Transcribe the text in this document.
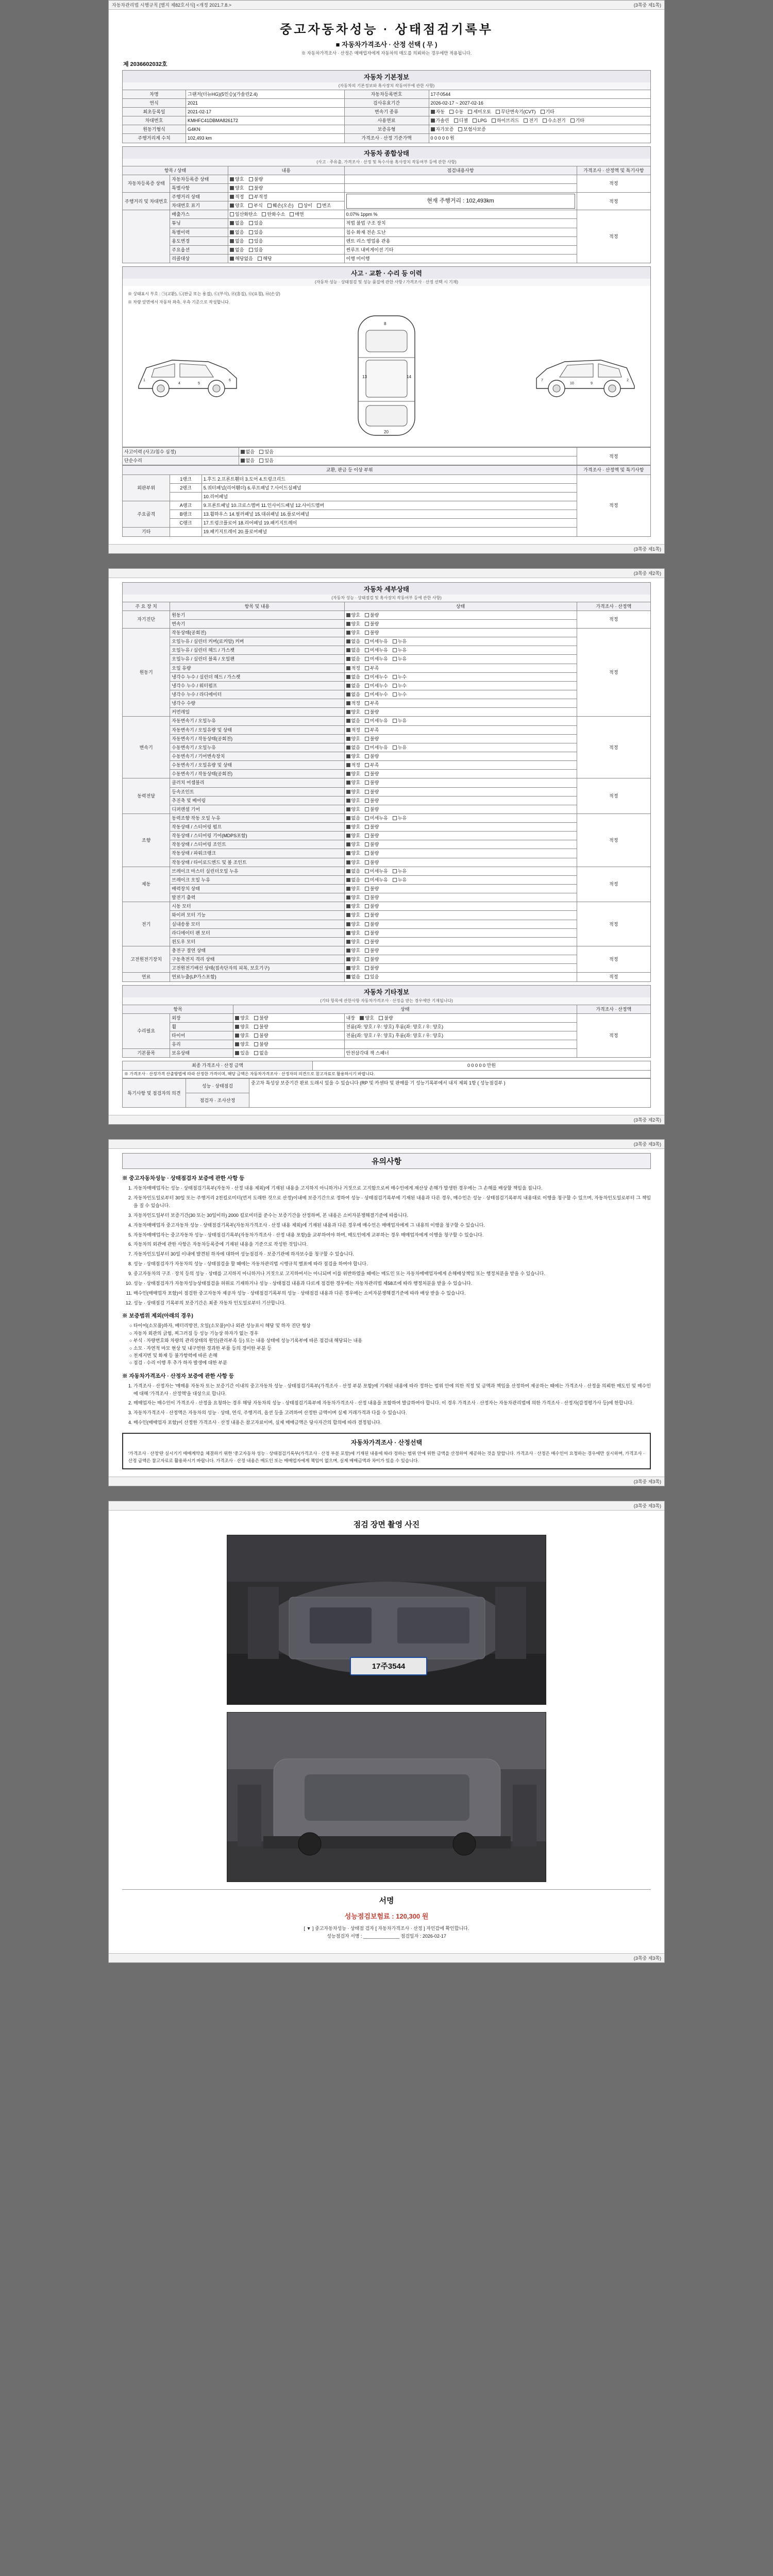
자동차관리법 시행규칙 [별지 제82호서식] <개정 2021.7.8.>	(3쪽중 제1쪽)
중고자동차성능 · 상태점검기록부
■ 자동차가격조사 · 산정 선택 ( 무 )
※ 자동차가격조사 · 산정은 매매업자에게 자동차의 매도를 의뢰하는 경우에만 적용됩니다.
제 2036602032호
자동차 기본정보
(자동차의 기본정보와 혹사장치 작동여부에 관한 사항)
차명	그랜저(더뉴HG)(5인승)(가솔린2.4)	자동차등록번호	17주0544
연식	2021	검사유효기간	2026-02-17 ~ 2027-02-16
최초등록일	2021-02-17	변속기 종류	자동 수동 세미오토 무단변속기(CVT) 기타

차대번호	KMHFC41DBMA826172	사용연료	가솔린	디젤	LPG	하이브리드	전기	수소전기	기타

원동기형식	G4KN	보증유형	자가보증 보험사보증

주행거리계 수치	102,493 km	가격조사 · 산정 기준가액	0 0 0 0 0 원
자동차 종합상태
(사고 · 주유출, 가격조사 · 산정 및 특수사용 혹사장치 작동여부 등에 관한 사항)
항목 / 상태		내용	점검내용사항	가격조사 · 산정액 및 특기사항
자동차등록증 상태	자동차등록증 상태	양호 불량		적정
	특별사항	양호 불량		
주행거리 및 차대번호	주행거리 상태	적정 부적정	현재 주행거리 : 102,493km	적정
	차대번호 표기	양호 부식 훼손(오손) 상이 변조		

	배출가스	일산화탄소 탄화수소 매연	0.07% 1ppm %	적정
	튜닝	없음 있음	적법 불법 구조 장치	
	특별이력	없음 있음	침수 화재 전손 도난	
	용도변경	없음 있음	렌트 리스 영업용 관용	
	주요옵션	없음 있음	썬루프 내비게이션 기타	
	리콜대상	해당없음 해당	이행 미이행	
사고 · 교환 · 수리 등 이력
(자동차 성능 · 상태점검 및 성능 품질에 관한 사항 / 가격조사 · 산정 선택 시 기재)
※ 상태표시 부호 : ㉠(교환), ㉡(판금 또는 용접), ㉢(부식), ㉣(흠집), ㉤(요철), ㉥(손상)
※ 차량 앞면에서 자동차 좌측, 우측 기준으로 작성합니다.
1
4	5
6
8
13	14
20
2
9
10
7
사고이력 (사고/침수 심정)	없음 있음	적정
단순수리	없음 있음	
교환, 판금 등 이상 부위			가격조사 · 산정액 및 특기사항
외판부위	1랭크	1.후드 2.프론트휀더 3.도어 4.트렁크리드	적정
	2랭크	5.쿼터패널(리어휀더) 6.루프패널 7.사이드실패널	
		10.리어패널	
주요골격	A랭크	9.프론트패널 10.크로스멤버 11.인사이드패널 12.사이드멤버	
	B랭크	13.휠하우스 14.필러패널 15.대쉬패널 16.플로어패널	
	C랭크	17.트렁크플로어 18.리어패널 19.패키지트레이	
기타		19.패키지트레이 20.플로어패널	
(3쪽중 제1쪽)
(3쪽중 제2쪽)
자동차 세부상태
(자동차 성능 · 상태점검 및 혹사장치 작동여부 등에 관한 사항)
주 요 장 치	항목 및 내용	상태	가격조사 · 산정액
자기진단	원동기	양호 불량	적정
	변속기	양호 불량	

원동기	작동상태(공회전)	양호 불량	적정
	오일누유 / 실린더 커버(로커암) 커버	없음 미세누유 누유	

	오일누유 / 실린더 헤드 / 가스켓	없음 미세누유 누유	

	오일누유 / 실린더 블록 / 오일팬	없음 미세누유 누유	

	오일 유량	적정 부족	

	냉각수 누수 / 실린더 헤드 / 가스켓	없음 미세누수 누수	

	냉각수 누수 / 워터펌프	없음 미세누수 누수	

	냉각수 누수 / 라디에이터	없음 미세누수 누수	

	냉각수 수량	적정 부족	

	커먼레일	양호 불량	

변속기	자동변속기 / 오일누유	없음 미세누유 누유	적정
	자동변속기 / 오일유량 및 상태	적정 부족	

	자동변속기 / 작동상태(공회전)	양호 불량	

	수동변속기 / 오일누유	없음 미세누유 누유	

	수동변속기 / 기어변속장치	양호 불량	

	수동변속기 / 오일유량 및 상태	적정 부족	

	수동변속기 / 작동상태(공회전)	양호 불량	

동력전달	클러치 어셈블리	양호 불량	적정
	등속조인트	양호 불량	

	추진축 및 베어링	양호 불량	

	디퍼렌셜 기어	양호 불량	

조향	동력조향 작동 오일 누유	없음 미세누유 누유	적정
	작동상태 / 스티어링 펌프	양호 불량	

	작동상태 / 스티어링 기어(MDPS포함)	양호 불량	

	작동상태 / 스티어링 조인트	양호 불량	

	작동상태 / 파워크랭크	양호 불량	

	작동상태 / 타이로드엔드 및 볼 조인트	양호 불량	

제동	브레이크 마스터 실린더오일 누유	없음 미세누유 누유	적정
	브레이크 오일 누유	없음 미세누유 누유	

	배력장치 상태	양호 불량	

	발전기 출력	양호 불량	

전기	시동 모터	양호 불량	적정
	와이퍼 모터 기능	양호 불량	

	실내송풍 모터	양호 불량	

	라디에이터 팬 모터	양호 불량	

	윈도우 모터	양호 불량	

고전원전기장치	충전구 절연 상태	양호 불량	적정
	구동축전지 격리 상태	양호 불량	

	고전원전기배선 상태(접속단자의 피복, 보호기구)	양호 불량	

연료	연료누출(LP가스포함)	없음 있음	적정
자동차 기타정보
(기타 항목에 관한사항 자동차가격조사 · 산정을 받는 경우에만 기재됩니다)
항목		상태		가격조사 · 산정액
수리필요	외장	양호 불량	내장 양호 불량	적정
	휠	양호 불량	전륜(좌: 양호 / 우: 양호) 후륜(좌: 양호 / 우: 양호)	
	타이어	양호 불량	전륜(좌: 양호 / 우: 양호) 후륜(좌: 양호 / 우: 양호)	
	유리	양호 불량		
기본품목	보유상태	있음 없음	안전삼각대 잭 스패너	
최종 가격조사 · 산정 금액	0 0 0 0 0 만원
※ 가격조사 · 산정가격 산출방법에 따라 산정한 가격이며, 해당 금액은 자동차가격조사 · 산정자의 의견으로 참고자료로 활용하시기 바랍니다.
특기사항 및 점검자의 의견	성능 · 상태점검	중고차 특성상 보증기간 완료 도래시 있을 수 있습니다 (RP 및 카센타 및 판매를 기 성능기록부에서 내지 제외 1항 ( 성능점검부 )
점검자 · 조사산정
(3쪽중 제2쪽)
(3쪽중 제3쪽)
유의사항
※ 중고자동차성능 · 상태점검자 보증에 관한 사항 등
1. 자동차매매업자는 성능 · 상태점검기록부(자동차 · 산정 내용 제외)에 기재된 내용을 고지하지 아니하거나 거짓으로 고지함으로써 매수인에게 재산상 손해가 발생한 경우에는 그 손해를 배상할 책임을 집니다.
2. 자동차인도일로부터 30일 또는 주행거리 2천킬로미터(먼저 도래한 것으로 산정)이내에 보증기간으로 정하여 성능 · 상태점검기록부에 기재된 내용과 다른 경우, 매수인은 성능 · 상태점검기록부의 내용대로 이행을 청구할 수 있으며, 자동차인도일로부터 그 책임을 질 수 있습니다.
3. 자동차인도일부터 보증기간(30 또는 30일이하) 2000 킬로미터를 준수는 보증기간을 산정하며, 본 내용은 소비자분쟁해결기준에 따릅니다.
4. 자동차매매업자 중고자동차 성능 · 상태점검기록부(자동차가격조사 · 산정 내용 제외)에 기재된 내용과 다른 경우에 매수인은 매매업자에게 그 내용의 이행을 청구할 수 있습니다.
5. 자동차매매업자는 중고자동차 성능 · 상태점검기록부(자동차가격조사 · 산정 내용 포함)을 교부하여야 하며, 매도인에게 교부하는 경우 매매업자에게 이행을 청구할 수 있습니다.
6. 자동차의 외관에 관한 사항은 자동차등록증에 기재된 내용을 기준으로 작성한 것입니다.
7. 자동차인도일부터 30일 이내에 발견된 하자에 대하여 성능점검자 · 보증기관에 하자보수를 청구할 수 있습니다.
8. 성능 · 상태점검자가 자동차의 성능 · 상태점검을 할 때에는 자동차관리법 시행규칙 별표에 따라 점검을 하여야 합니다.
9. 중고자동차의 구조 · 장치 등의 성능 · 상태를 고지하지 아니하거나 거짓으로 고지하여서는 아니되며 이를 위반하였을 때에는 매도인 또는 자동차매매업자에게 손해배상책임 또는 행정처분을 받을 수 있습니다.
10. 성능 · 상태점검자가 자동차성능상태점검을 허위로 기재하거나 성능 · 상태점검 내용과 다르게 점검한 경우에는 자동차관리법 제58조에 따라 행정처분을 받을 수 있습니다.
11. 매수인(매매업자 포함)이 점검한 중고자동차 제공자 성능 · 상태점검기록부의 성능 · 상태점검 내용과 다른 경우에는 소비자분쟁해결기준에 따라 배상 받을 수 있습니다.
12. 성능 · 상태점검 기록부의 보증기간은 최종 자동차 인도일로부터 기산합니다.
※ 보증범위 제외(아래의 경우)
○ 타이어(소모품)하자, 배터리방전, 오일(소모품)이나 외관 성능표시 해당 및 하자 진단 형상
○ 자동차 외관의 긁힘, 찌그러짐 등 성능 기능상 하자가 없는 경우
○ 부식 · 차량번호와 차량의 관리상태의 원인(관리부족 등) 또는 내용 상태에 성능기록부에 따른 점검내 해당되는 내용
○ 소모 · 자연적 마모 현상 및 내구연한 경과한 부품 등의 경미한 부분 등
○ 천재지변 및 화재 등 불가항력에 따른 손해
○ 점검 · 수리 이행 후 추가 하자 발생에 대한 부분
※ 자동차가격조사 · 산정자 보증에 관한 사항 등
1. 가격조사 · 산정자는 '매매용 자동차 또는 보증기간 이내의 중고자동차 성능 · 상태점검기록부(가격조사 · 산정 부분 포함)에 기재된 내용에 따라 정하는 범위 안에 의한 적정 및 금액과 책임을 산정하여 제공하는 때에는 가격조사 · 산정을 의뢰한 매도인 및 매수인에 대해 '가격조사 · 산정액'을 대상으로 합니다.
2. 매매업자는 매수인이 가격조사 · 산정을 요청하는 경우 해당 자동차의 성능 · 상태점검기록부에 자동차가격조사 · 산정 내용을 포함하여 발급하여야 합니다. 이 경우 가격조사 · 산정자는 자동차관리법에 의한 가격조사 · 산정자(감정평가사 등)에 한합니다.
3. 자동차가격조사 · 산정액은 자동차의 성능 · 상태, 연식, 주행거리, 옵션 등을 고려하여 산정한 금액이며 실제 거래가격과 다를 수 있습니다.
4. 매수인(매매업자 포함)이 산정한 가격조사 · 산정 내용은 참고자료이며, 실제 매매금액은 당사자간의 합의에 따라 결정됩니다.
자동차가격조사 · 산정선택
'가격조사 · 산정'란 실시기기 매매계약을 체결하기 위한 '중고자동차 성능 · 상태점검기록부(가격조사 · 산정 부분 포함)에 기재된 내용에 따라 정하는 범위 안에 위한 금액을 산정하여 제공하는 것을 말합니다. 가격조사 · 산정은 매수인이 요청하는 경우에만 실시하며, 가격조사 · 산정 금액은 참고자료로 활용하시기 바랍니다. 가격조사 · 산정 내용은 매도인 또는 매매업자에게 책임이 없으며, 실제 매매금액과 차이가 있을 수 있습니다.
(3쪽중 제3쪽)
(3쪽중 제3쪽)
점검 장면 촬영 사진
17주3544
서명
성능점검보험료 : 120,300 원
[ ▼ ] 중고자동차성능 · 상태점 검자 [ 자동차가격조사 · 산정 ] 자인감에 확인합니다.
성능점검자 서명 : ______________ 점검일자 : 2026-02-17
(3쪽중 제3쪽)
